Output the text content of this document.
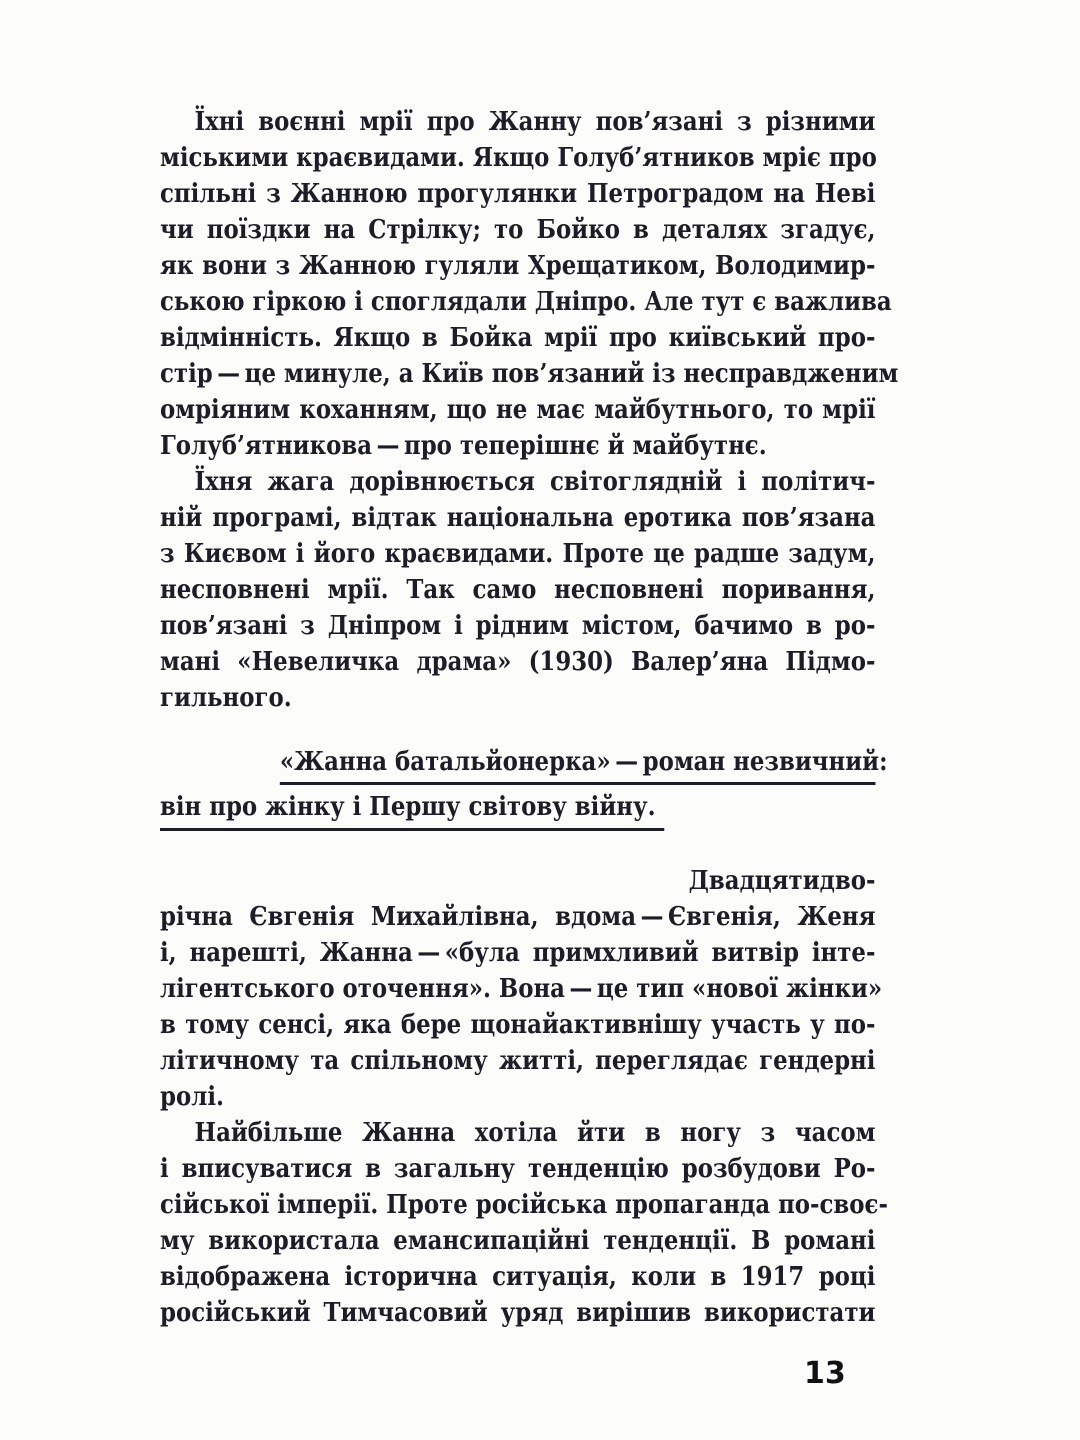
Їхні воєнні мрії про Жанну пов’язані з різними
міськими краєвидами. Якщо Голуб’ятников мріє про
спільні з Жанною прогулянки Петроградом на Неві
чи поїздки на Стрілку; то Бойко в деталях згадує,
як вони з Жанною гуляли Хрещатиком, Володимир-
ською гіркою і споглядали Дніпро. Але тут є важлива
відмінність. Якщо в Бойка мрії про київський про-
стір — це минуле, а Київ пов’язаний із несправдженим
омріяним коханням, що не має майбутнього, то мрії
Голуб’ятникова — про теперішнє й майбутнє.
Їхня жага дорівнюється світоглядній і політич-
ній програмі, відтак національна еротика пов’язана
з Києвом і його краєвидами. Проте це радше задум,
несповнені мрії. Так само несповнені поривання,
пов’язані з Дніпром і рідним містом, бачимо в ро-
мані «Невеличка драма» (1930) Валер’яна Підмо-
гильного.
«Жанна батальйонерка» — роман незвичний:
він про жінку і Першу світову війну.
Двадцятидво-
річна Євгенія Михайлівна, вдома — Євгенія, Женя
і, нарешті, Жанна — «була примхливий витвір інте-
лігентського оточення». Вона — це тип «нової жінки»
в тому сенсі, яка бере щонайактивнішу участь у по-
літичному та спільному житті, переглядає гендерні
ролі.
Найбільше Жанна хотіла йти в ногу з часом
і вписуватися в загальну тенденцію розбудови Ро-
сійської імперії. Проте російська пропаганда по-своє-
му використала емансипаційні тенденції. В романі
відображена історична ситуація, коли в 1917 році
російський Тимчасовий уряд вирішив використати
13
